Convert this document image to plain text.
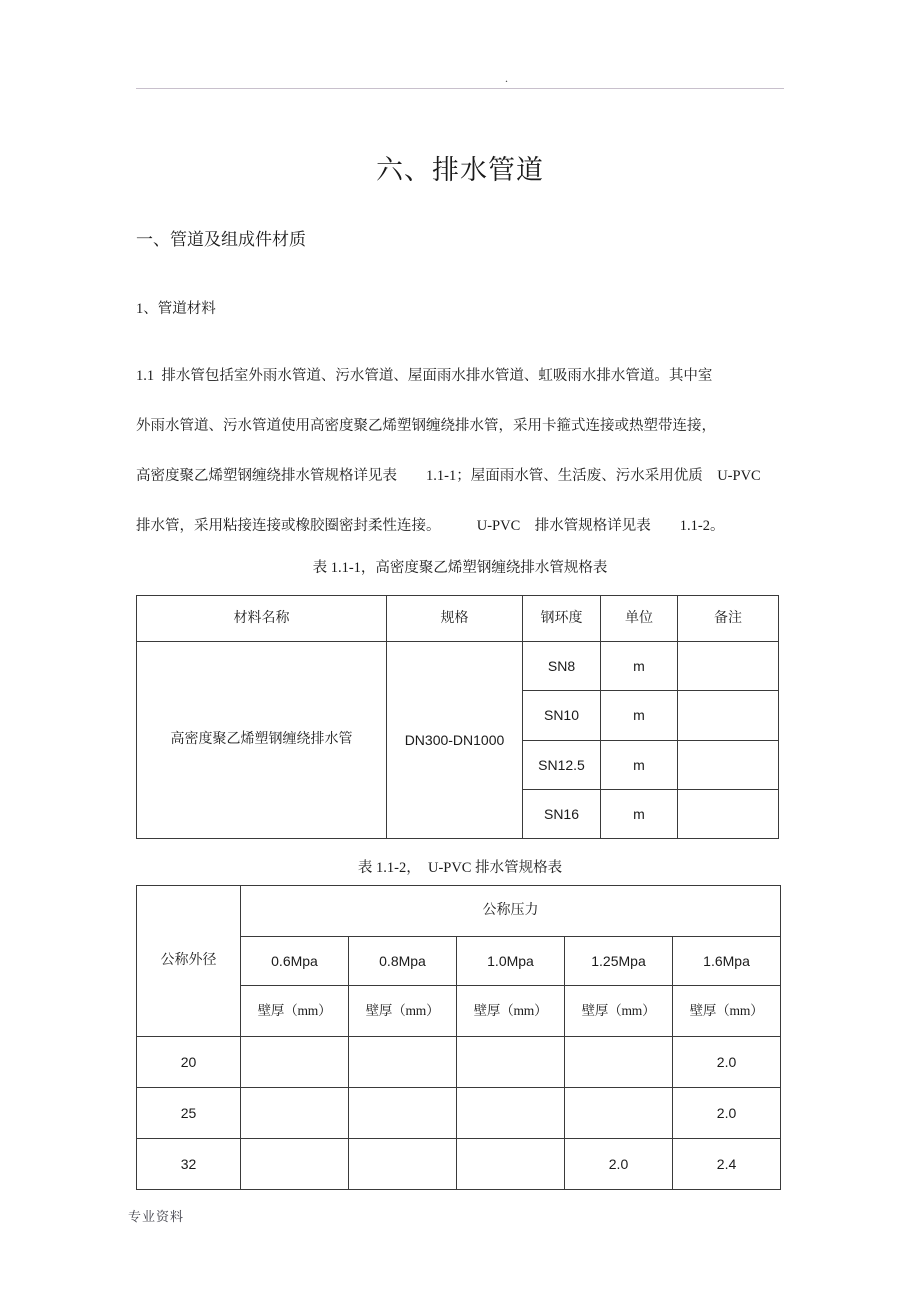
.
六、排水管道
一、管道及组成件材质
1、管道材料
1.1  排水管包括室外雨水管道、污水管道、屋面雨水排水管道、虹吸雨水排水管道。其中室
外雨水管道、污水管道使用高密度聚乙烯塑钢缠绕排水管，采用卡箍式连接或热塑带连接，
高密度聚乙烯塑钢缠绕排水管规格详见表　　1.1-1；屋面雨水管、生活废、污水采用优质　U-PVC
排水管，采用粘接连接或橡胶圈密封柔性连接。　　　U-PVC　排水管规格详见表　　1.1-2。
表 1.1-1，高密度聚乙烯塑钢缠绕排水管规格表
材料名称	规格	钢环度	单位	备注
高密度聚乙烯塑钢缠绕排水管	DN300-DN1000	SN8	m	
		SN10	m	
		SN12.5	m	
		SN16	m	
表 1.1-2，  U-PVC 排水管规格表
公称外径	公称压力				
	0.6Mpa	0.8Mpa	1.0Mpa	1.25Mpa	1.6Mpa
	壁厚（mm）	壁厚（mm）	壁厚（mm）	壁厚（mm）	壁厚（mm）
20					2.0
25					2.0
32				2.0	2.4
专业资料
